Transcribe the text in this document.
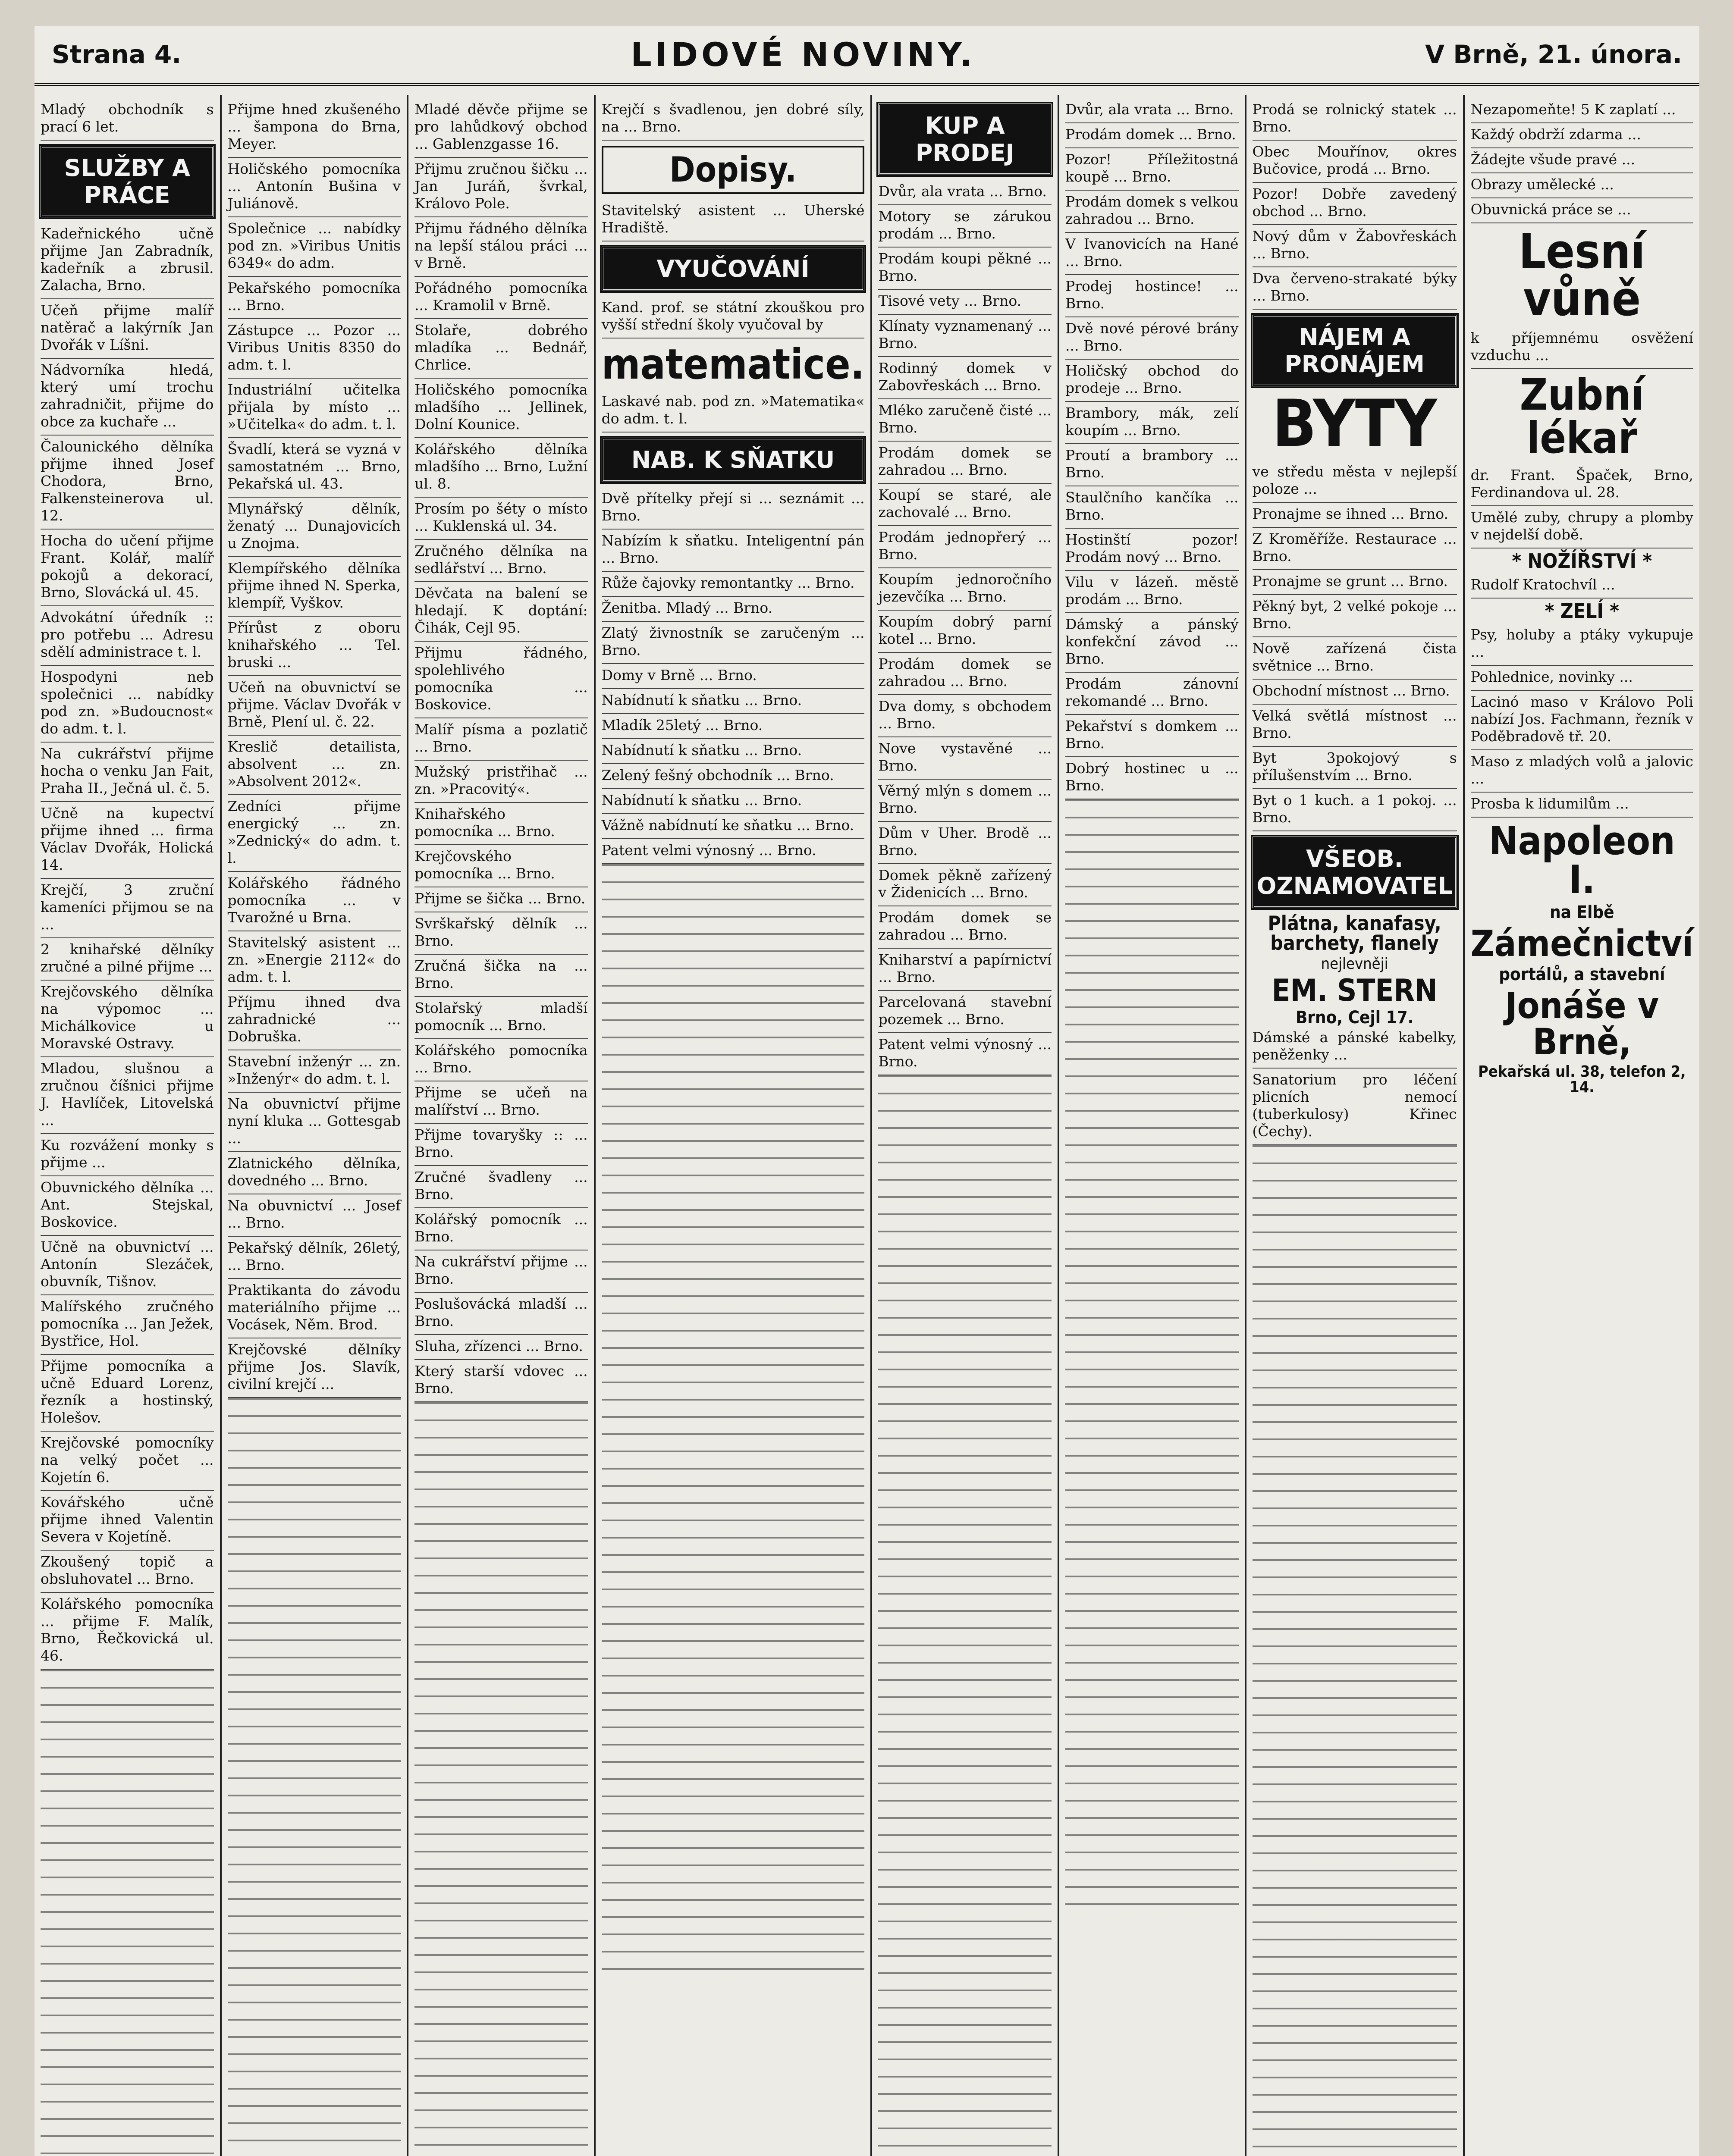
Strana 4.	LIDOVÉ NOVINY.	V Brně, 21. února.

Mladý obchodník s prací 6 let.

SLUŽBY A PRÁCE

Kadeřnického učně přijme Jan Zabradník, kadeřník a zbrusil. Zalacha, Brno.

Učeň přijme malíř natěrač a lakýrník Jan Dvořák v Líšni.

Nádvorníka hledá, který umí trochu zahradničit, přijme do obce za kuchaře ...

Čalounického dělníka přijme ihned Josef Chodora, Brno, Falkensteinerova ul. 12.

Hocha do učení přijme Frant. Kolář, malíř pokojů a dekorací, Brno, Slovácká ul. 45.

Advokátní úředník :: pro potřebu ... Adresu sdělí administrace t. l.

Hospodyni neb společnici ... nabídky pod zn. »Budoucnost« do adm. t. l.

Na cukrářství přijme hocha o venku Jan Fait, Praha II., Ječná ul. č. 5.

Učně na kupectví přijme ihned ... firma Václav Dvořák, Holická 14.

Krejčí, 3 zruční kameníci přijmou se na ...

2 knihařské dělníky zručné a pilné přijme ...

Krejčovského dělníka na výpomoc ... Michálkovice u Moravské Ostravy.

Mladou, slušnou a zručnou číšnici přijme J. Havlíček, Litovelská ...

Ku rozvážení monky s přijme ...

Obuvnického dělníka ... Ant. Stejskal, Boskovice.

Učně na obuvnictví ... Antonín Slezáček, obuvník, Tišnov.

Malířského zručného pomocníka ... Jan Ježek, Bystřice, Hol.

Přijme pomocníka a učně Eduard Lorenz, řezník a hostinský, Holešov.

Krejčovské pomocníky na velký počet ... Kojetín 6.

Kovářského učně přijme ihned Valentin Severa v Kojetíně.

Zkoušený topič a obsluhovatel ... Brno.

Kolářského pomocníka ... přijme F. Malík, Brno, Řečkovická ul. 46.

Přijme hned zkušeného ... šampona do Brna, Meyer.

Holičského pomocníka ... Antonín Bušina v Juliánově.

Společnice ... nabídky pod zn. »Viribus Unitis 6349« do adm.

Pekařského pomocníka ... Brno.

Zástupce ... Pozor ... Viribus Unitis 8350 do adm. t. l.

Industriální učitelka přijala by místo ... »Učitelka« do adm. t. l.

Švadlí, která se vyzná v samostatném ... Brno, Pekařská ul. 43.

Mlynářský dělník, ženatý ... Dunajovicích u Znojma.

Klempířského dělníka přijme ihned N. Sperka, klempíř, Vyškov.

Přírůst z oboru knihařského ... Tel. bruski ...

Učeň na obuvnictví se přijme. Václav Dvořák v Brně, Plení ul. č. 22.

Kreslič detailista, absolvent ... zn. »Absolvent 2012«.

Zedníci přijme energický ... zn. »Zednický« do adm. t. l.

Kolářského řádného pomocníka ... v Tvarožné u Brna.

Stavitelský asistent ... zn. »Energie 2112« do adm. t. l.

Příjmu ihned dva zahradnické ... Dobruška.

Stavební inženýr ... zn. »Inženýr« do adm. t. l.

Na obuvnictví přijme nyní kluka ... Gottesgab ...

Zlatnického dělníka, dovedného ... Brno.

Na obuvnictví ... Josef ... Brno.

Pekařský dělník, 26letý, ... Brno.

Praktikanta do závodu materiálního přijme ... Vocásek, Něm. Brod.

Krejčovské dělníky přijme Jos. Slavík, civilní krejčí ...

Mladé děvče přijme se pro lahůdkový obchod ... Gablenzgasse 16.

Přijmu zručnou šičku ... Jan Juráň, švrkal, Královo Pole.

Přijmu řádného dělníka na lepší stálou práci ... v Brně.

Pořádného pomocníka ... Kramolil v Brně.

Stolaře, dobrého mladíka ... Bednář, Chrlice.

Holičského pomocníka mladšího ... Jellinek, Dolní Kounice.

Kolářského dělníka mladšího ... Brno, Lužní ul. 8.

Prosím po šéty o místo ... Kuklenská ul. 34.

Zručného dělníka na sedlářství ... Brno.

Děvčata na balení se hledají. K doptání: Čihák, Cejl 95.

Přijmu řádného, spolehlivého pomocníka ... Boskovice.

Malíř písma a pozlatič ... Brno.

Mužský pristřihač ... zn. »Pracovitý«.

Knihařského pomocníka ... Brno.

Krejčovského pomocníka ... Brno.

Přijme se šička ... Brno.

Svrškařský dělník ... Brno.

Zručná šička na ... Brno.

Stolařský mladší pomocník ... Brno.

Kolářského pomocníka ... Brno.

Přijme se učeň na malířství ... Brno.

Přijme tovaryšky :: ... Brno.

Zručné švadleny ... Brno.

Kolářský pomocník ... Brno.

Na cukrářství přijme ... Brno.

Poslušovácká mladší ... Brno.

Sluha, zřízenci ... Brno.

Který starší vdovec ... Brno.

Krejčí s švadlenou, jen dobré síly, na ... Brno.

Dopisy.

Stavitelský asistent ... Uherské Hradiště.

VYUČOVÁNÍ

Kand. prof. se státní zkouškou pro vyšší střední školy vyučoval by

matematice.

Laskavé nab. pod zn. »Matematika« do adm. t. l.

NAB. K SŇATKU

Dvě přítelky přejí si ... seznámit ... Brno.

Nabízím k sňatku. Inteligentní pán ... Brno.

Růže čajovky remontantky ... Brno.

Ženitba. Mladý ... Brno.

Zlatý živnostník se zaručeným ... Brno.

Domy v Brně ... Brno.

Nabídnutí k sňatku ... Brno.

Mladík 25letý ... Brno.

Nabídnutí k sňatku ... Brno.

Zelený fešný obchodník ... Brno.

Nabídnutí k sňatku ... Brno.

Vážně nabídnutí ke sňatku ... Brno.

Patent velmi výnosný ... Brno.

KUP A PRODEJ

Dvůr, ala vrata ... Brno.

Motory se zárukou prodám ... Brno.

Prodám koupi pěkné ... Brno.

Tisové vety ... Brno.

Klínaty vyznamenaný ... Brno.

Rodinný domek v Zabovřeskách ... Brno.

Mléko zaručeně čisté ... Brno.

Prodám domek se zahradou ... Brno.

Koupí se staré, ale zachovalé ... Brno.

Prodám jednopřerý ... Brno.

Koupím jednoročního jezevčíka ... Brno.

Koupím dobrý parní kotel ... Brno.

Prodám domek se zahradou ... Brno.

Dva domy, s obchodem ... Brno.

Nove vystavěné ... Brno.

Věrný mlýn s domem ... Brno.

Dům v Uher. Brodě ... Brno.

Domek pěkně zařízený v Židenicích ... Brno.

Prodám domek se zahradou ... Brno.

Kniharství a papírnictví ... Brno.

Parcelovaná stavební pozemek ... Brno.

Patent velmi výnosný ... Brno.

Dvůr, ala vrata ... Brno.

Prodám domek ... Brno.

Pozor! Příležitostná koupě ... Brno.

Prodám domek s velkou zahradou ... Brno.

V Ivanovicích na Hané ... Brno.

Prodej hostince! ... Brno.

Dvě nové pérové brány ... Brno.

Holičský obchod do prodeje ... Brno.

Brambory, mák, zelí koupím ... Brno.

Proutí a brambory ... Brno.

Staulčního kančíka ... Brno.

Hostinští pozor! Prodám nový ... Brno.

Vilu v lázeň. městě prodám ... Brno.

Dámský a pánský konfekční závod ... Brno.

Prodám zánovní rekomandé ... Brno.

Pekařství s domkem ... Brno.

Dobrý hostinec u ... Brno.

Prodá se rolnický statek ... Brno.

Obec Mouřínov, okres Bučovice, prodá ... Brno.

Pozor! Dobře zavedený obchod ... Brno.

Nový dům v Žabovřeskách ... Brno.

Dva červeno-strakaté býky ... Brno.

NÁJEM A PRONÁJEM
BYTY

ve středu města v nejlepší poloze ...

Pronajme se ihned ... Brno.

Z Kroměříže. Restaurace ... Brno.

Pronajme se grunt ... Brno.

Pěkný byt, 2 velké pokoje ... Brno.

Nově zařízená čista světnice ... Brno.

Obchodní místnost ... Brno.

Velká světlá místnost ... Brno.

Byt 3pokojový s přílušenstvím ... Brno.

Byt o 1 kuch. a 1 pokoj. ... Brno.

VŠEOB. OZNAMOVATEL
Plátna, kanafasy, barchety, flanely
nejlevněji
EM. STERN
Brno, Cejl 17.

Dámské a pánské kabelky, peněženky ...

Sanatorium pro léčení plicních nemocí (tuberkulosy) Křinec (Čechy).

Nezapomeňte! 5 K zaplatí ...

Každý obdrží zdarma ...

Žádejte všude pravé ...

Obrazy umělecké ...

Obuvnická práce se ...

Lesní vůně

k příjemnému osvěžení vzduchu ...

Zubní lékař

dr. Frant. Špaček, Brno, Ferdinandova ul. 28.

Umělé zuby, chrupy a plomby v nejdelší době.

* NOŽÍŘSTVÍ *

Rudolf Kratochvíl ...

* ZELÍ *

Psy, holuby a ptáky vykupuje ...

Pohlednice, novinky ...

Lacinó maso v Královo Poli nabízí Jos. Fachmann, řezník v Poděbradově tř. 20.

Maso z mladých volů a jalovic ...

Prosba k lidumilům ...

Napoleon I.
na Elbě
Zámečnictví
portálů, a stavební
Jonáše v Brně,
Pekařská ul. 38, telefon 2, 14.
